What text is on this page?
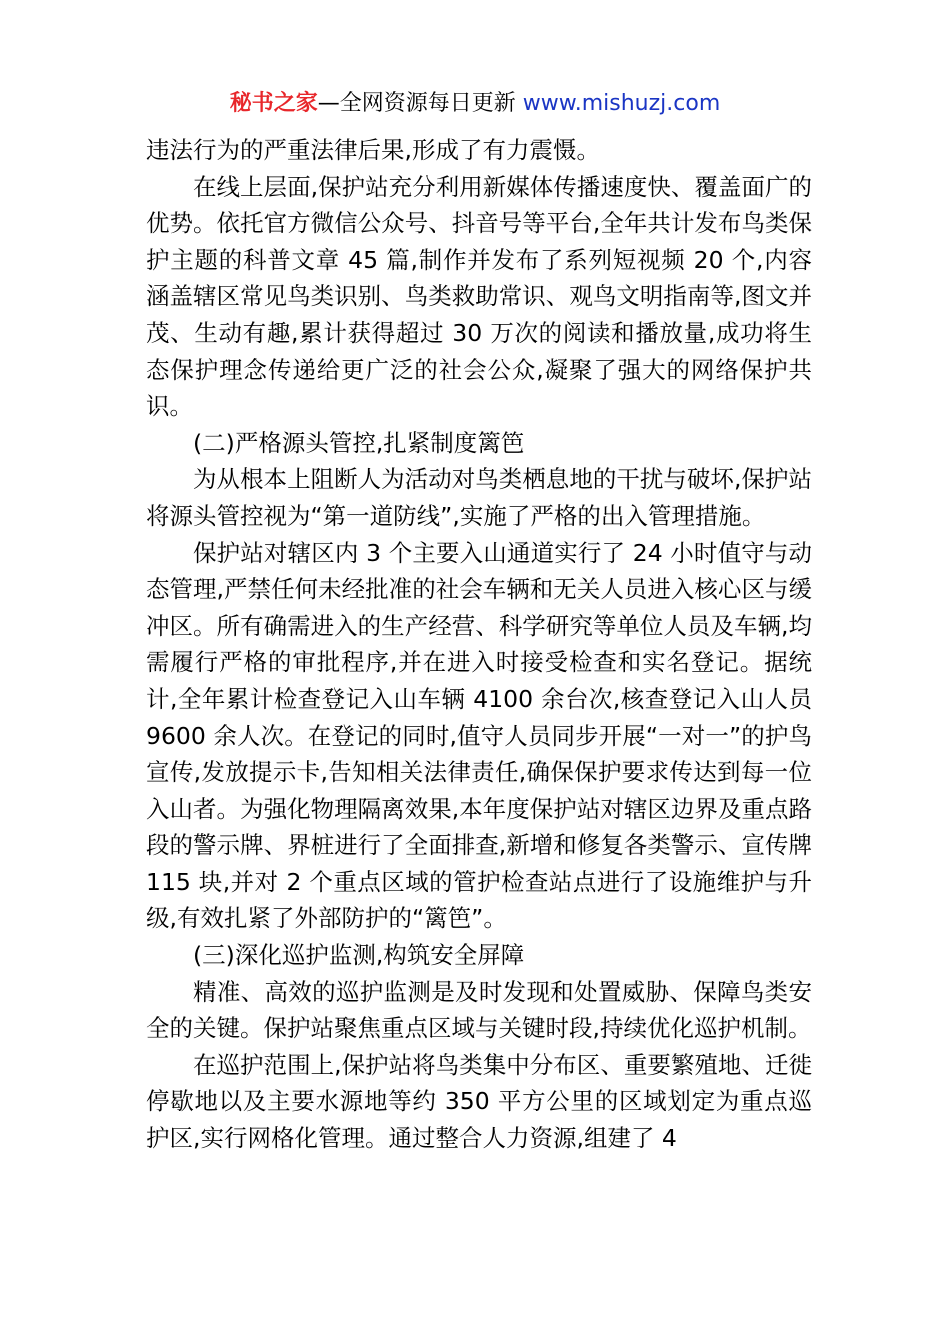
秘书之家—全网资源每日更新 www.mishuzj.com

违法行为的严重法律后果,形成了有力震慑。

在线上层面,保护站充分利用新媒体传播速度快、覆盖面广的优势。依托官方微信公众号、抖音号等平台,全年共计发布鸟类保护主题的科普文章 45 篇,制作并发布了系列短视频 20 个,内容涵盖辖区常见鸟类识别、鸟类救助常识、观鸟文明指南等,图文并茂、生动有趣,累计获得超过 30 万次的阅读和播放量,成功将生态保护理念传递给更广泛的社会公众,凝聚了强大的网络保护共识。

(二)严格源头管控,扎紧制度篱笆

为从根本上阻断人为活动对鸟类栖息地的干扰与破坏,保护站将源头管控视为“第一道防线”,实施了严格的出入管理措施。

保护站对辖区内 3 个主要入山通道实行了 24 小时值守与动态管理,严禁任何未经批准的社会车辆和无关人员进入核心区与缓冲区。所有确需进入的生产经营、科学研究等单位人员及车辆,均需履行严格的审批程序,并在进入时接受检查和实名登记。据统计,全年累计检查登记入山车辆 4100 余台次,核查登记入山人员 9600 余人次。在登记的同时,值守人员同步开展“一对一”的护鸟宣传,发放提示卡,告知相关法律责任,确保保护要求传达到每一位入山者。为强化物理隔离效果,本年度保护站对辖区边界及重点路段的警示牌、界桩进行了全面排查,新增和修复各类警示、宣传牌 115 块,并对 2 个重点区域的管护检查站点进行了设施维护与升级,有效扎紧了外部防护的“篱笆”。

(三)深化巡护监测,构筑安全屏障

精准、高效的巡护监测是及时发现和处置威胁、保障鸟类安全的关键。保护站聚焦重点区域与关键时段,持续优化巡护机制。

在巡护范围上,保护站将鸟类集中分布区、重要繁殖地、迁徙停歇地以及主要水源地等约 350 平方公里的区域划定为重点巡护区,实行网格化管理。通过整合人力资源,组建了 4
